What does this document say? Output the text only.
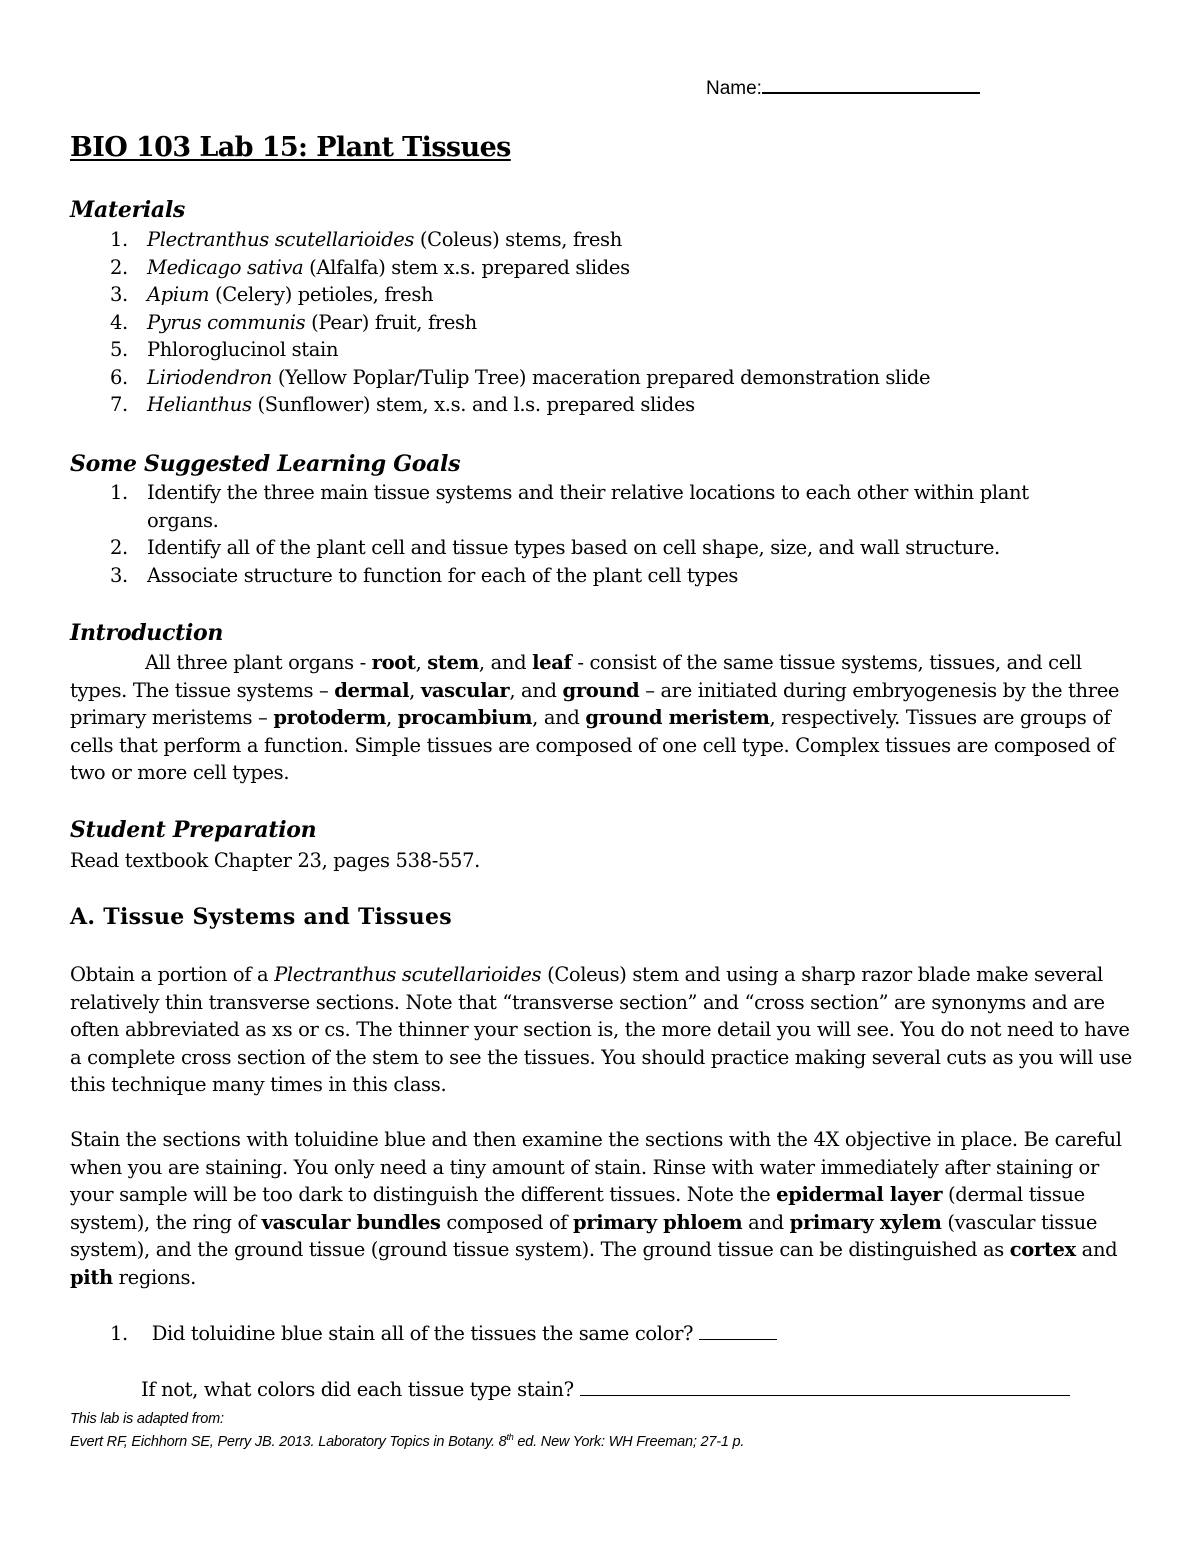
Name:
BIO 103 Lab 15: Plant Tissues
Materials
1. Plectranthus scutellarioides (Coleus) stems, fresh
2. Medicago sativa (Alfalfa) stem x.s. prepared slides
3. Apium (Celery) petioles, fresh
4. Pyrus communis (Pear) fruit, fresh
5. Phloroglucinol stain
6. Liriodendron (Yellow Poplar/Tulip Tree) maceration prepared demonstration slide
7. Helianthus (Sunflower) stem, x.s. and l.s. prepared slides
Some Suggested Learning Goals
1. Identify the three main tissue systems and their relative locations to each other within plant organs.
2. Identify all of the plant cell and tissue types based on cell shape, size, and wall structure.
3. Associate structure to function for each of the plant cell types
Introduction
All three plant organs - root, stem, and leaf - consist of the same tissue systems, tissues, and cell types. The tissue systems – dermal, vascular, and ground – are initiated during embryogenesis by the three primary meristems – protoderm, procambium, and ground meristem, respectively. Tissues are groups of cells that perform a function. Simple tissues are composed of one cell type. Complex tissues are composed of two or more cell types.
Student Preparation
Read textbook Chapter 23, pages 538-557.
A. Tissue Systems and Tissues
Obtain a portion of a Plectranthus scutellarioides (Coleus) stem and using a sharp razor blade make several relatively thin transverse sections. Note that “transverse section” and “cross section” are synonyms and are often abbreviated as xs or cs. The thinner your section is, the more detail you will see. You do not need to have a complete cross section of the stem to see the tissues. You should practice making several cuts as you will use this technique many times in this class.
Stain the sections with toluidine blue and then examine the sections with the 4X objective in place. Be careful when you are staining. You only need a tiny amount of stain. Rinse with water immediately after staining or your sample will be too dark to distinguish the different tissues. Note the epidermal layer (dermal tissue system), the ring of vascular bundles composed of primary phloem and primary xylem (vascular tissue system), and the ground tissue (ground tissue system). The ground tissue can be distinguished as cortex and pith regions.
1. Did toluidine blue stain all of the tissues the same color?
If not, what colors did each tissue type stain?
This lab is adapted from:
Evert RF, Eichhorn SE, Perry JB. 2013. Laboratory Topics in Botany. 8th ed. New York: WH Freeman; 27-1 p.
